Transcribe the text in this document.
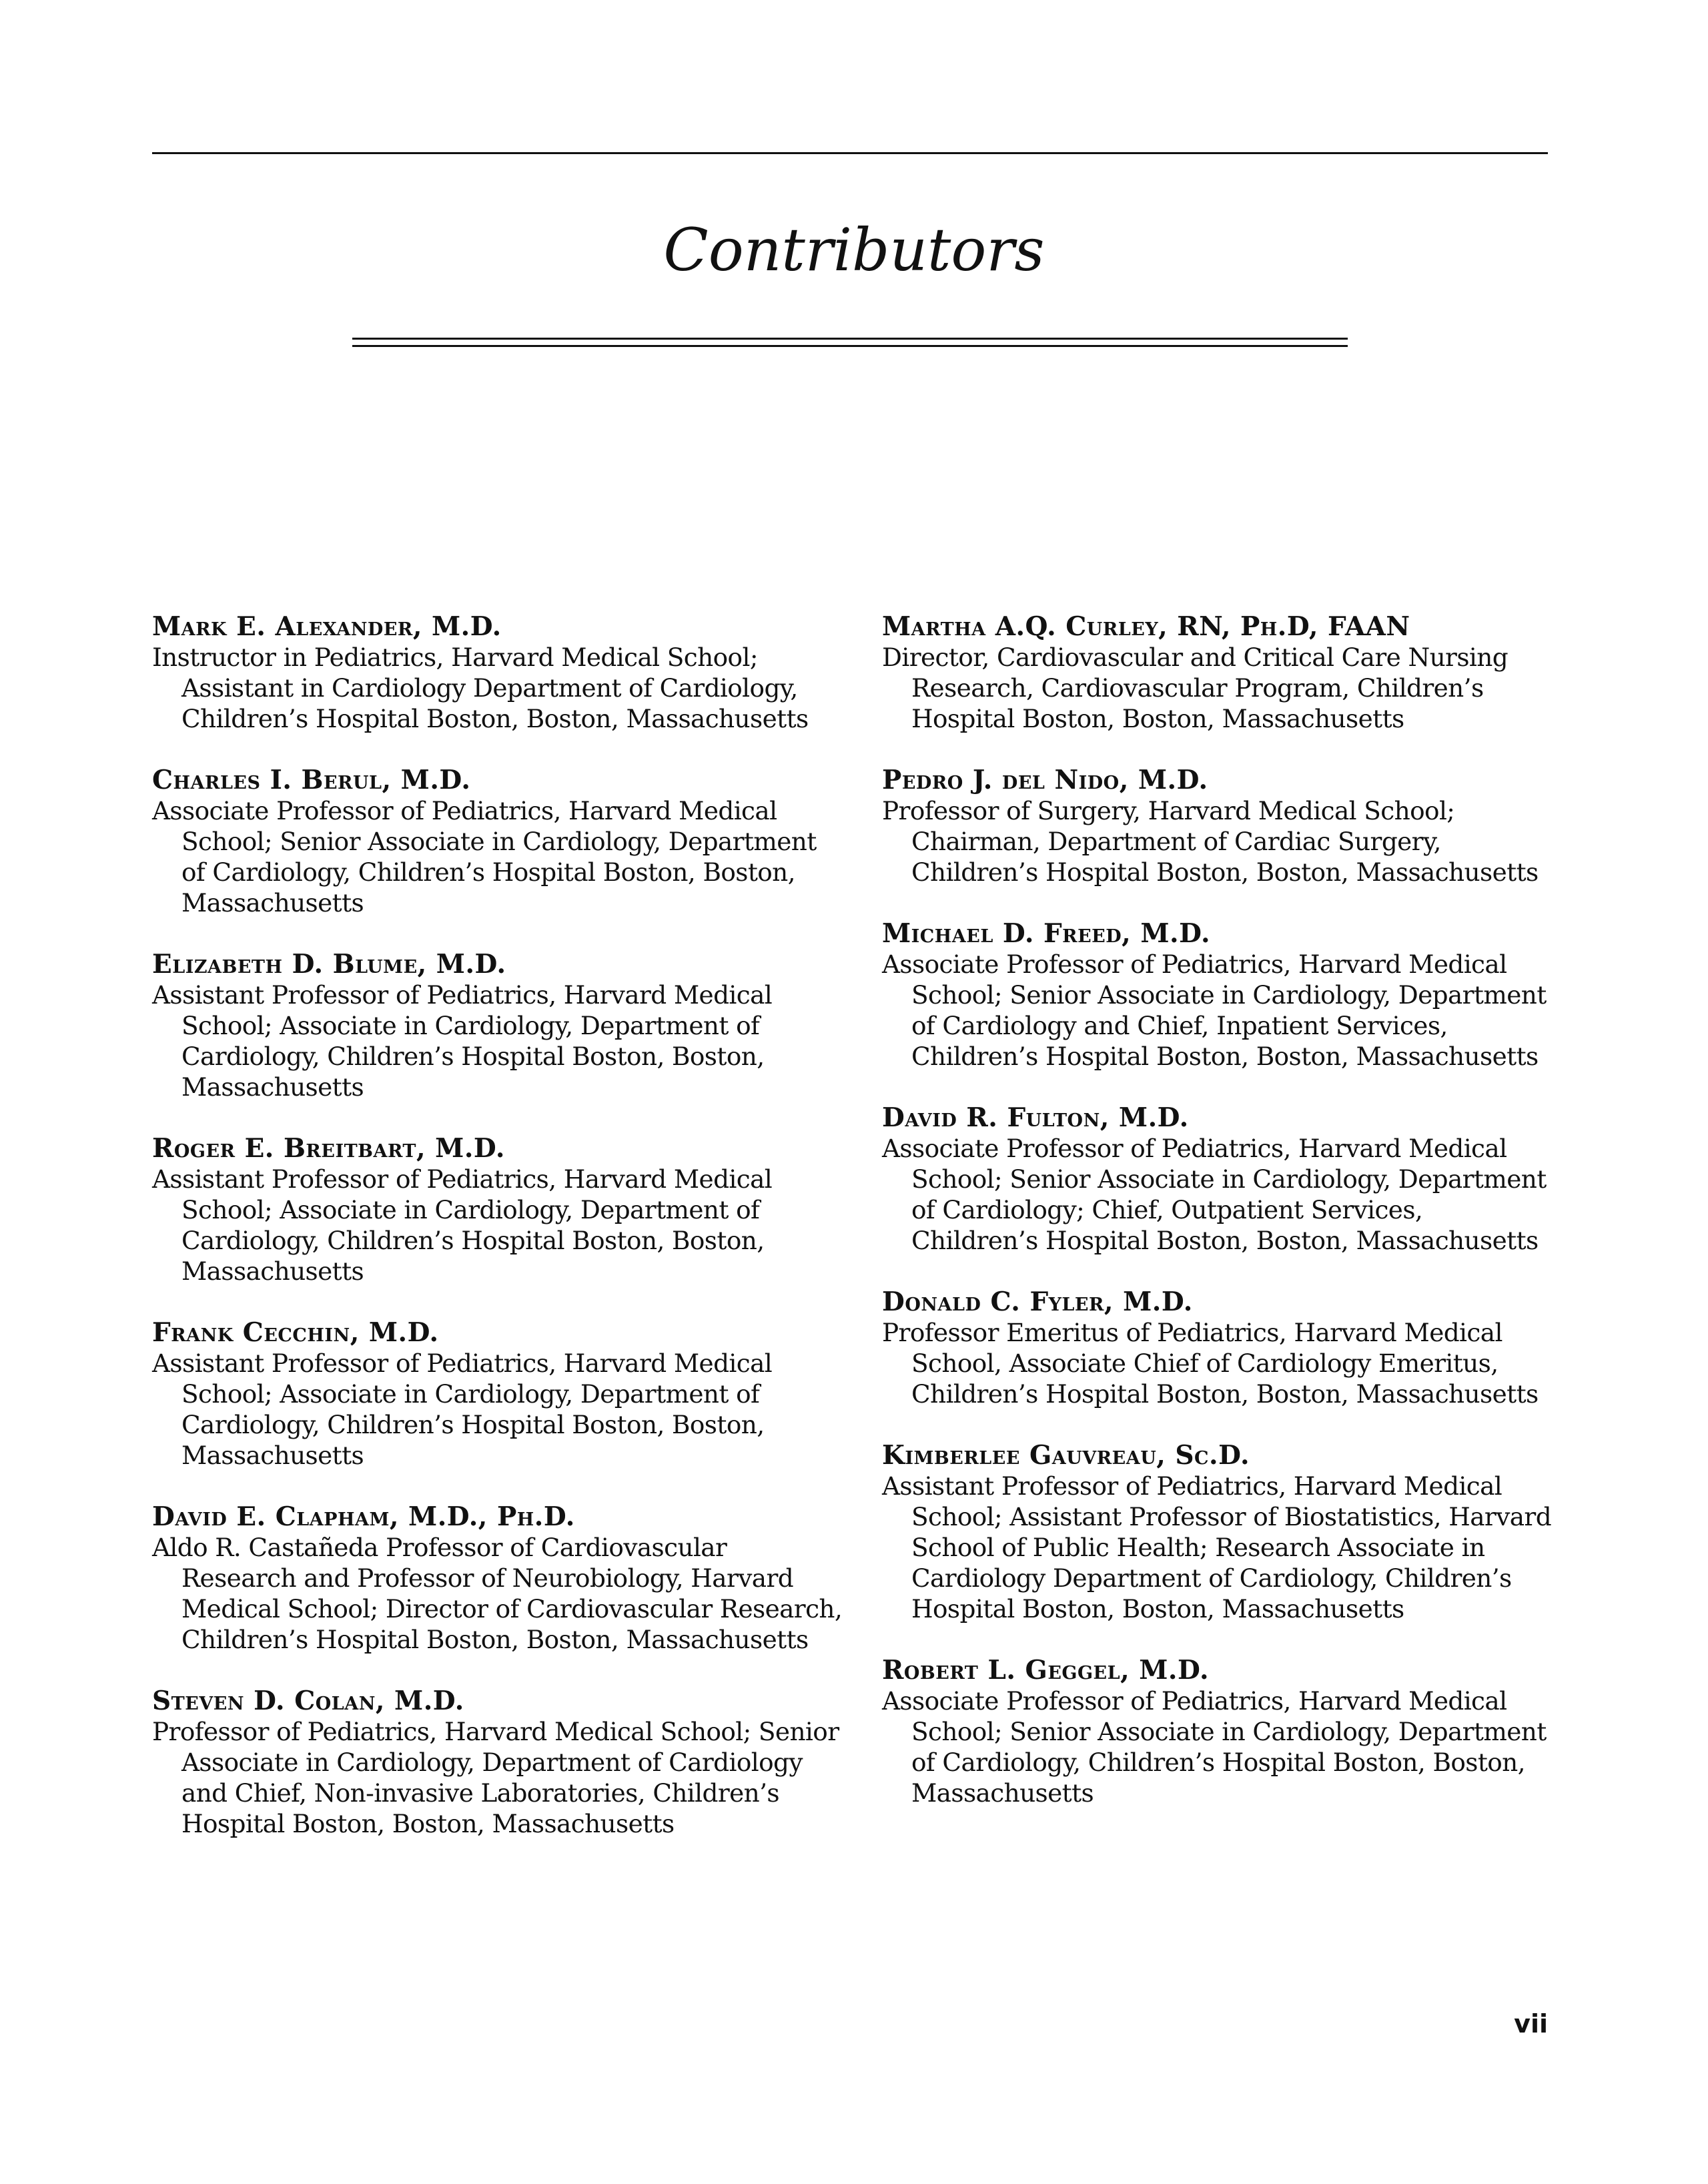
Contributors
Mark E. Alexander, M.D.
Instructor in Pediatrics, Harvard Medical School; Assistant in Cardiology Department of Cardiology, Children’s Hospital Boston, Boston, Massachusetts
Charles I. Berul, M.D.
Associate Professor of Pediatrics, Harvard Medical School; Senior Associate in Cardiology, Department of Cardiology, Children’s Hospital Boston, Boston, Massachusetts
Elizabeth D. Blume, M.D.
Assistant Professor of Pediatrics, Harvard Medical School; Associate in Cardiology, Department of Cardiology, Children’s Hospital Boston, Boston, Massachusetts
Roger E. Breitbart, M.D.
Assistant Professor of Pediatrics, Harvard Medical School; Associate in Cardiology, Department of Cardiology, Children’s Hospital Boston, Boston, Massachusetts
Frank Cecchin, M.D.
Assistant Professor of Pediatrics, Harvard Medical School; Associate in Cardiology, Department of Cardiology, Children’s Hospital Boston, Boston, Massachusetts
David E. Clapham, M.D., Ph.D.
Aldo R. Castañeda Professor of Cardiovascular Research and Professor of Neurobiology, Harvard Medical School; Director of Cardiovascular Research, Children’s Hospital Boston, Boston, Massachusetts
Steven D. Colan, M.D.
Professor of Pediatrics, Harvard Medical School; Senior Associate in Cardiology, Department of Cardiology and Chief, Non-invasive Laboratories, Children’s Hospital Boston, Boston, Massachusetts
Martha A.Q. Curley, RN, Ph.D, FAAN
Director, Cardiovascular and Critical Care Nursing Research, Cardiovascular Program, Children’s Hospital Boston, Boston, Massachusetts
Pedro J. del Nido, M.D.
Professor of Surgery, Harvard Medical School; Chairman, Department of Cardiac Surgery, Children’s Hospital Boston, Boston, Massachusetts
Michael D. Freed, M.D.
Associate Professor of Pediatrics, Harvard Medical School; Senior Associate in Cardiology, Department of Cardiology and Chief, Inpatient Services, Children’s Hospital Boston, Boston, Massachusetts
David R. Fulton, M.D.
Associate Professor of Pediatrics, Harvard Medical School; Senior Associate in Cardiology, Department of Cardiology; Chief, Outpatient Services, Children’s Hospital Boston, Boston, Massachusetts
Donald C. Fyler, M.D.
Professor Emeritus of Pediatrics, Harvard Medical School, Associate Chief of Cardiology Emeritus, Children’s Hospital Boston, Boston, Massachusetts
Kimberlee Gauvreau, Sc.D.
Assistant Professor of Pediatrics, Harvard Medical School; Assistant Professor of Biostatistics, Harvard School of Public Health; Research Associate in Cardiology Department of Cardiology, Children’s Hospital Boston, Boston, Massachusetts
Robert L. Geggel, M.D.
Associate Professor of Pediatrics, Harvard Medical School; Senior Associate in Cardiology, Department of Cardiology, Children’s Hospital Boston, Boston, Massachusetts
vii
